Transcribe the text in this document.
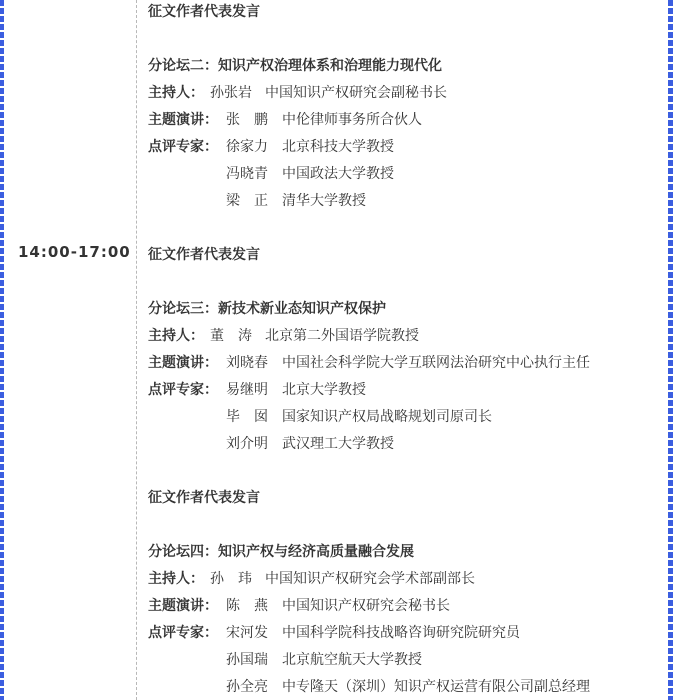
14:00-17:00
征文作者代表发言
分论坛二：知识产权治理体系和治理能力现代化
主持人： 孙张岩 中国知识产权研究会副秘书长
主题演讲： 张　鹏 中伦律师事务所合伙人
点评专家： 徐家力 北京科技大学教授
冯晓青 中国政法大学教授
梁　正 清华大学教授
征文作者代表发言
分论坛三：新技术新业态知识产权保护
主持人： 董　涛 北京第二外国语学院教授
主题演讲： 刘晓春 中国社会科学院大学互联网法治研究中心执行主任
点评专家： 易继明 北京大学教授
毕　囡 国家知识产权局战略规划司原司长
刘介明 武汉理工大学教授
征文作者代表发言
分论坛四：知识产权与经济高质量融合发展
主持人： 孙　玮 中国知识产权研究会学术部副部长
主题演讲： 陈　燕 中国知识产权研究会秘书长
点评专家： 宋河发 中国科学院科技战略咨询研究院研究员
孙国瑞 北京航空航天大学教授
孙全亮 中专隆天（深圳）知识产权运营有限公司副总经理
